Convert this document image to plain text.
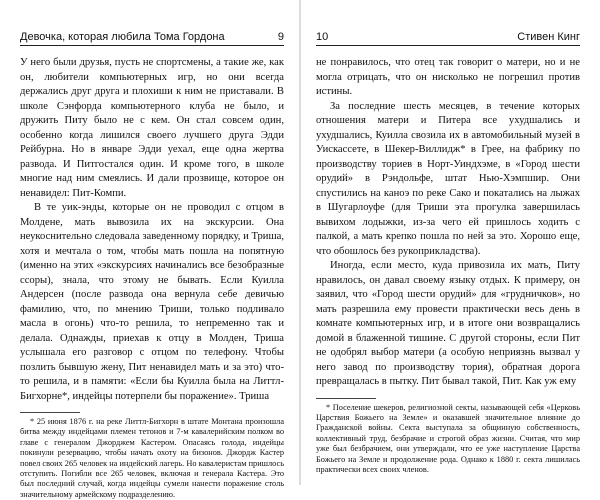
Девочка, которая любила Тома Гордона	9

У него были друзья, пусть не спортсмены, а такие же, как он, любители компьютерных игр, но они всегда держались друг друга и плохиши к ним не приставали. В школе Сэнфорда компьютерного клуба не было, и дружить Питу было не с кем. Он стал совсем один, особенно когда лишился своего лучшего друга Эдди Рейбурна. Но в январе Эдди уехал, еще одна жертва развода. И Питгостался один. И кроме того, в школе многие над ним смеялись. И дали прозвище, которое он ненавидел: Пит-Компи.

В те уик-энды, которые он не проводил с отцом в Молдене, мать вывозила их на экскурсии. Она неукоснительно следовала заведенному порядку, и Триша, хотя и мечтала о том, чтобы мать пошла на попятную (именно на этих «экскурсиях начинались все безобразные ссоры), знала, что этому не бывать. Если Куилла Андерсен (после развода она вернула себе девичью фамилию, что, по мнению Триши, только подливало масла в огонь) что-то решила, то непременно так и делала. Однажды, приехав к отцу в Молден, Триша услышала его разговор с отцом по телефону. Чтобы позлить бывшую жену, Пит ненавидел мать и за это) что-то решила, и в памяти: «Если бы Куилла была на Литтл-Бигхорне*, индейцы потерпели бы поражение». Триша

* 25 июня 1876 г. на реке Литтл-Бигхорн в штате Монтана произошла битва между индейцами племен тетонов и 7-м кавалерийским полком во главе с генералом Джорджем Кастером. Опасаясь голода, индейцы покинули резервацию, чтобы начать охоту на бизонов. Джордж Кастер повел своих 265 человек на индейский лагерь. Но кавалеристам пришлось отступить. Погибли все 265 человек, включая и генерала Кастера. Это был последний случай, когда индейцы сумели нанести поражение столь значительному армейскому подразделению.

10	Стивен Кинг

не понравилось, что отец так говорит о матери, но и не могла отрицать, что он нисколько не погрешил против истины.

За последние шесть месяцев, в течение которых отношения матери и Питера все ухудшались и ухудшались, Куилла свозила их в автомобильный музей в Уискассете, в Шекер-Виллидж* в Грее, на фабрику по производству ториев в Норт-Уиндхэме, в «Город шести орудий» в Рэндольфе, штат Нью-Хэмпшир. Они спустились на каноэ по реке Сако и покатались на лыжах в Шугарлоуфе (для Триши эта прогулка завершилась вывихом лодыжки, из-за чего ей пришлось ходить с палкой, а мать крепко пошла по ней за это. Хорошо еще, что обошлось без рукоприкладства).

Иногда, если место, куда привозила их мать, Питу нравилось, он давал своему языку отдых. К примеру, он заявил, что «Город шести орудий» для «грудничков», но мать разрешила ему провести практически весь день в комнате компьютерных игр, и в итоге они возвращались домой в блаженной тишине. С другой стороны, если Пит не одобрял выбор матери (а особую неприязнь вызвал у него завод по производству тория), обратная дорога превращалась в пытку. Пит бывал такой, Пит. Как уж ему

* Поселение шекеров, религиозной секты, называющей себя «Церковь Царствия Божьего на Земле» и оказавшей значительное влияние до Гражданской войны. Секта выступала за общинную собственность, коллективный труд, безбрачие и строгой образ жизни. Считая, что мир уже был безбрачием, они утверждали, что ее уже наступление Царства Божьего на Земле и продолжение рода. Однако к 1880 г. секта лишилась практически всех своих членов.
